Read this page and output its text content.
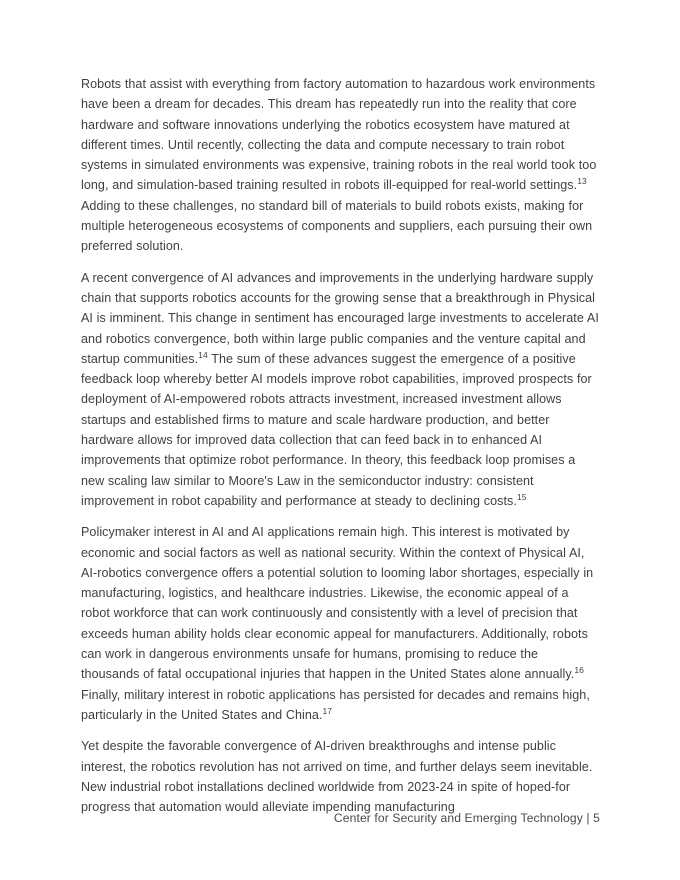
Robots that assist with everything from factory automation to hazardous work environments have been a dream for decades. This dream has repeatedly run into the reality that core hardware and software innovations underlying the robotics ecosystem have matured at different times. Until recently, collecting the data and compute necessary to train robot systems in simulated environments was expensive, training robots in the real world took too long, and simulation-based training resulted in robots ill-equipped for real-world settings.$^{13}$ Adding to these challenges, no standard bill of materials to build robots exists, making for multiple heterogeneous ecosystems of components and suppliers, each pursuing their own preferred solution.

A recent convergence of AI advances and improvements in the underlying hardware supply chain that supports robotics accounts for the growing sense that a breakthrough in Physical AI is imminent. This change in sentiment has encouraged large investments to accelerate AI and robotics convergence, both within large public companies and the venture capital and startup communities.$^{14}$ The sum of these advances suggest the emergence of a positive feedback loop whereby better AI models improve robot capabilities, improved prospects for deployment of AI-empowered robots attracts investment, increased investment allows startups and established firms to mature and scale hardware production, and better hardware allows for improved data collection that can feed back in to enhanced AI improvements that optimize robot performance. In theory, this feedback loop promises a new scaling law similar to Moore's Law in the semiconductor industry: consistent improvement in robot capability and performance at steady to declining costs.$^{15}$

Policymaker interest in AI and AI applications remain high. This interest is motivated by economic and social factors as well as national security. Within the context of Physical AI, AI-robotics convergence offers a potential solution to looming labor shortages, especially in manufacturing, logistics, and healthcare industries. Likewise, the economic appeal of a robot workforce that can work continuously and consistently with a level of precision that exceeds human ability holds clear economic appeal for manufacturers. Additionally, robots can work in dangerous environments unsafe for humans, promising to reduce the thousands of fatal occupational injuries that happen in the United States alone annually.$^{16}$ Finally, military interest in robotic applications has persisted for decades and remains high, particularly in the United States and China.$^{17}$

Yet despite the favorable convergence of AI-driven breakthroughs and intense public interest, the robotics revolution has not arrived on time, and further delays seem inevitable. New industrial robot installations declined worldwide from 2023-24 in spite of hoped-for progress that automation would alleviate impending manufacturing

Center for Security and Emerging Technology | 5
